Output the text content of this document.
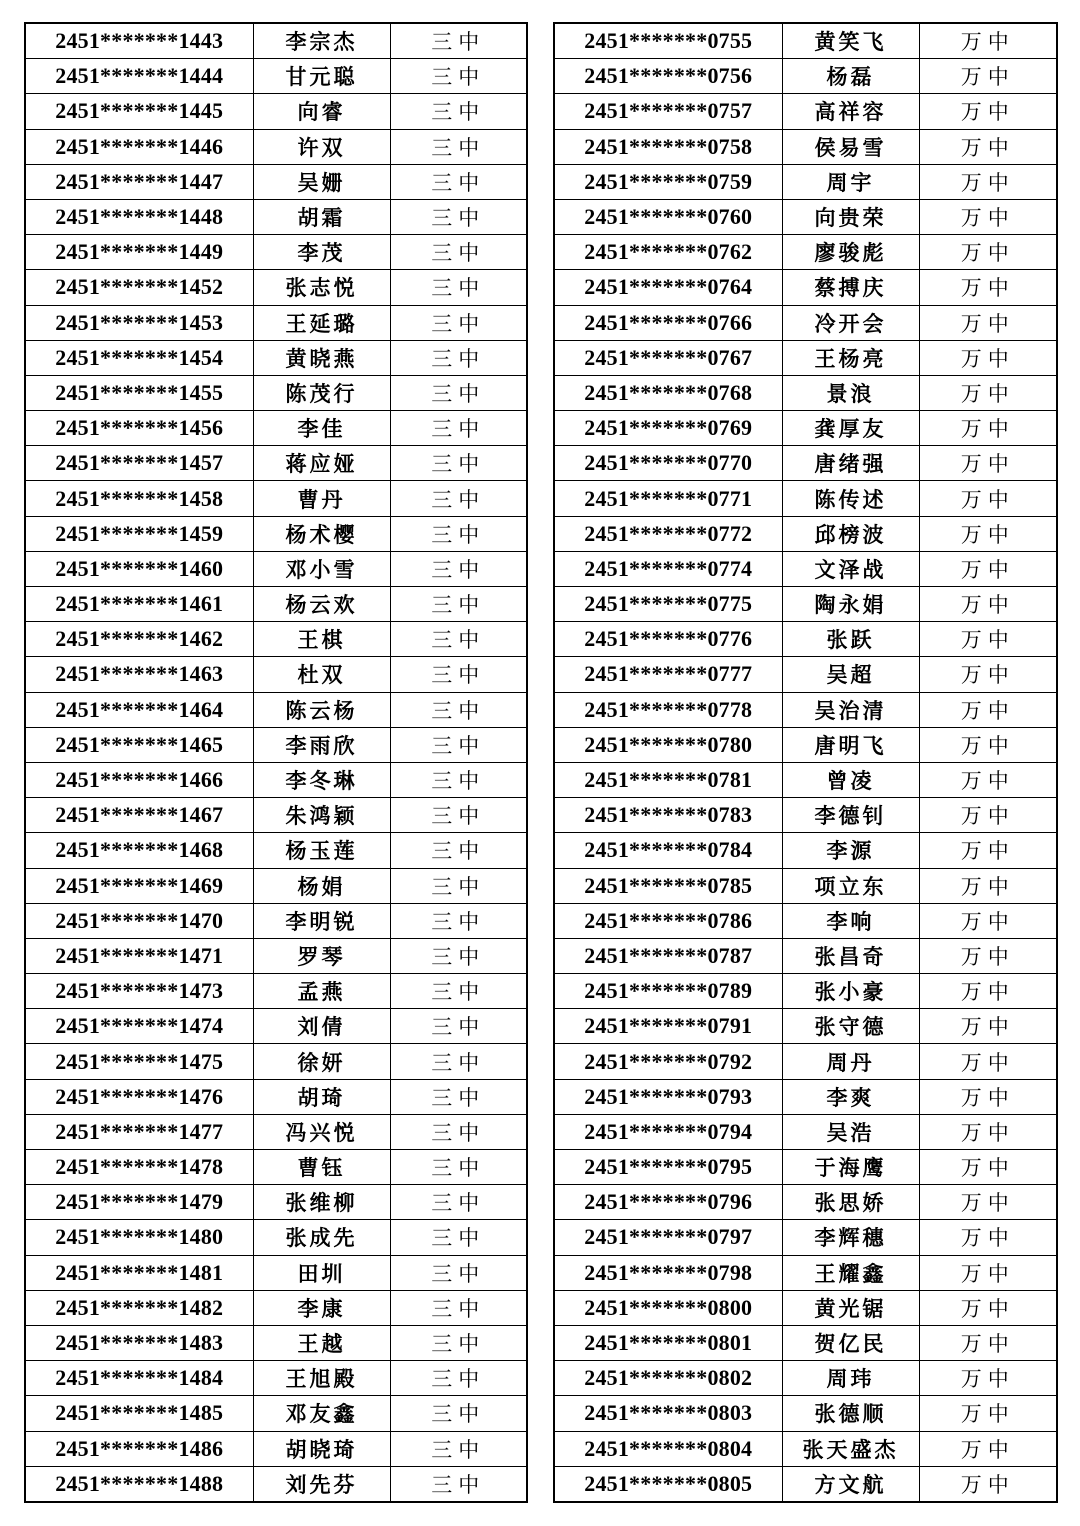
2451*******1443	李宗杰	三中
2451*******1444	甘元聪	三中
2451*******1445	向睿	三中
2451*******1446	许双	三中
2451*******1447	吴姗	三中
2451*******1448	胡霜	三中
2451*******1449	李茂	三中
2451*******1452	张志悦	三中
2451*******1453	王延璐	三中
2451*******1454	黄晓燕	三中
2451*******1455	陈茂行	三中
2451*******1456	李佳	三中
2451*******1457	蒋应娅	三中
2451*******1458	曹丹	三中
2451*******1459	杨术樱	三中
2451*******1460	邓小雪	三中
2451*******1461	杨云欢	三中
2451*******1462	王棋	三中
2451*******1463	杜双	三中
2451*******1464	陈云杨	三中
2451*******1465	李雨欣	三中
2451*******1466	李冬琳	三中
2451*******1467	朱鸿颖	三中
2451*******1468	杨玉莲	三中
2451*******1469	杨娟	三中
2451*******1470	李明锐	三中
2451*******1471	罗琴	三中
2451*******1473	孟燕	三中
2451*******1474	刘倩	三中
2451*******1475	徐妍	三中
2451*******1476	胡琦	三中
2451*******1477	冯兴悦	三中
2451*******1478	曹钰	三中
2451*******1479	张维柳	三中
2451*******1480	张成先	三中
2451*******1481	田圳	三中
2451*******1482	李康	三中
2451*******1483	王越	三中
2451*******1484	王旭殿	三中
2451*******1485	邓友鑫	三中
2451*******1486	胡晓琦	三中
2451*******1488	刘先芬	三中
2451*******0755	黄笑飞	万中
2451*******0756	杨磊	万中
2451*******0757	高祥容	万中
2451*******0758	侯易雪	万中
2451*******0759	周宇	万中
2451*******0760	向贵荣	万中
2451*******0762	廖骏彪	万中
2451*******0764	蔡搏庆	万中
2451*******0766	冷开会	万中
2451*******0767	王杨亮	万中
2451*******0768	景浪	万中
2451*******0769	龚厚友	万中
2451*******0770	唐绪强	万中
2451*******0771	陈传述	万中
2451*******0772	邱榜波	万中
2451*******0774	文泽战	万中
2451*******0775	陶永娟	万中
2451*******0776	张跃	万中
2451*******0777	吴超	万中
2451*******0778	吴治清	万中
2451*******0780	唐明飞	万中
2451*******0781	曾凌	万中
2451*******0783	李德钊	万中
2451*******0784	李源	万中
2451*******0785	项立东	万中
2451*******0786	李响	万中
2451*******0787	张昌奇	万中
2451*******0789	张小豪	万中
2451*******0791	张守德	万中
2451*******0792	周丹	万中
2451*******0793	李爽	万中
2451*******0794	吴浩	万中
2451*******0795	于海鹰	万中
2451*******0796	张思娇	万中
2451*******0797	李辉穗	万中
2451*******0798	王耀鑫	万中
2451*******0800	黄光锯	万中
2451*******0801	贺亿民	万中
2451*******0802	周玮	万中
2451*******0803	张德顺	万中
2451*******0804	张天盛杰	万中
2451*******0805	方文航	万中
